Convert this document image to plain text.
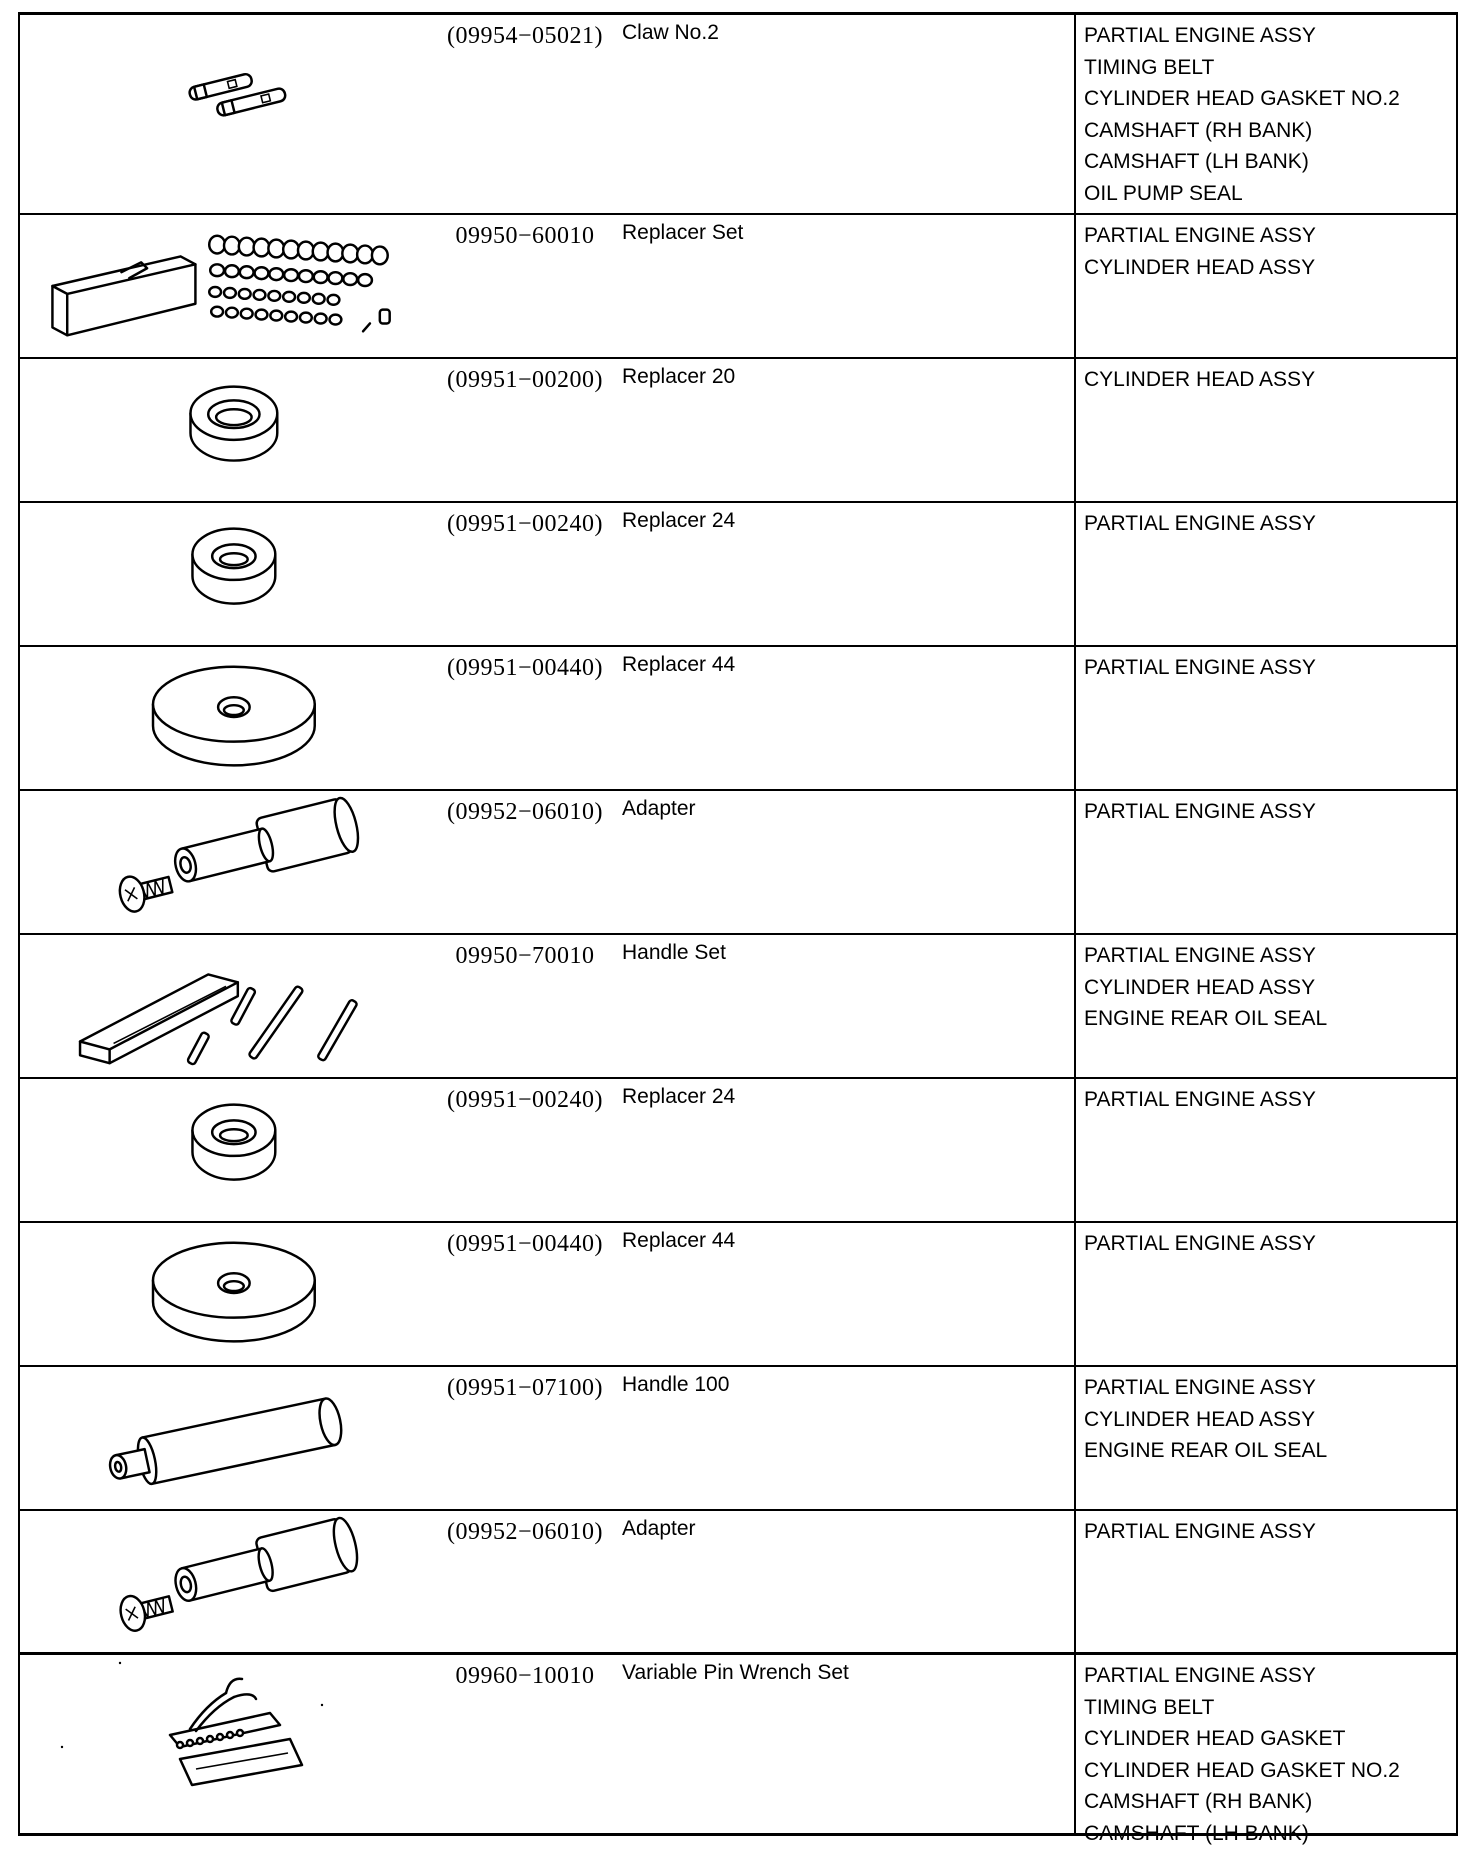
(09954−05021) Claw No.2	PARTIAL ENGINE ASSY
TIMING BELT
CYLINDER HEAD GASKET NO.2
CAMSHAFT (RH BANK)
CAMSHAFT (LH BANK)
OIL PUMP SEAL
09950−60010	Replacer Set	PARTIAL ENGINE ASSY
CYLINDER HEAD ASSY
(09951−00200) Replacer 20	CYLINDER HEAD ASSY
(09951−00240) Replacer 24	PARTIAL ENGINE ASSY
(09951−00440) Replacer 44	PARTIAL ENGINE ASSY
(09952−06010) Adapter	PARTIAL ENGINE ASSY
09950−70010	Handle Set	PARTIAL ENGINE ASSY
CYLINDER HEAD ASSY
ENGINE REAR OIL SEAL
(09951−00240) Replacer 24	PARTIAL ENGINE ASSY
(09951−00440) Replacer 44	PARTIAL ENGINE ASSY
(09951−07100) Handle 100	PARTIAL ENGINE ASSY
CYLINDER HEAD ASSY
ENGINE REAR OIL SEAL
(09952−06010) Adapter	PARTIAL ENGINE ASSY
09960−10010	Variable Pin Wrench Set	PARTIAL ENGINE ASSY
TIMING BELT
CYLINDER HEAD GASKET
CYLINDER HEAD GASKET NO.2
CAMSHAFT (RH BANK)
CAMSHAFT (LH BANK)
